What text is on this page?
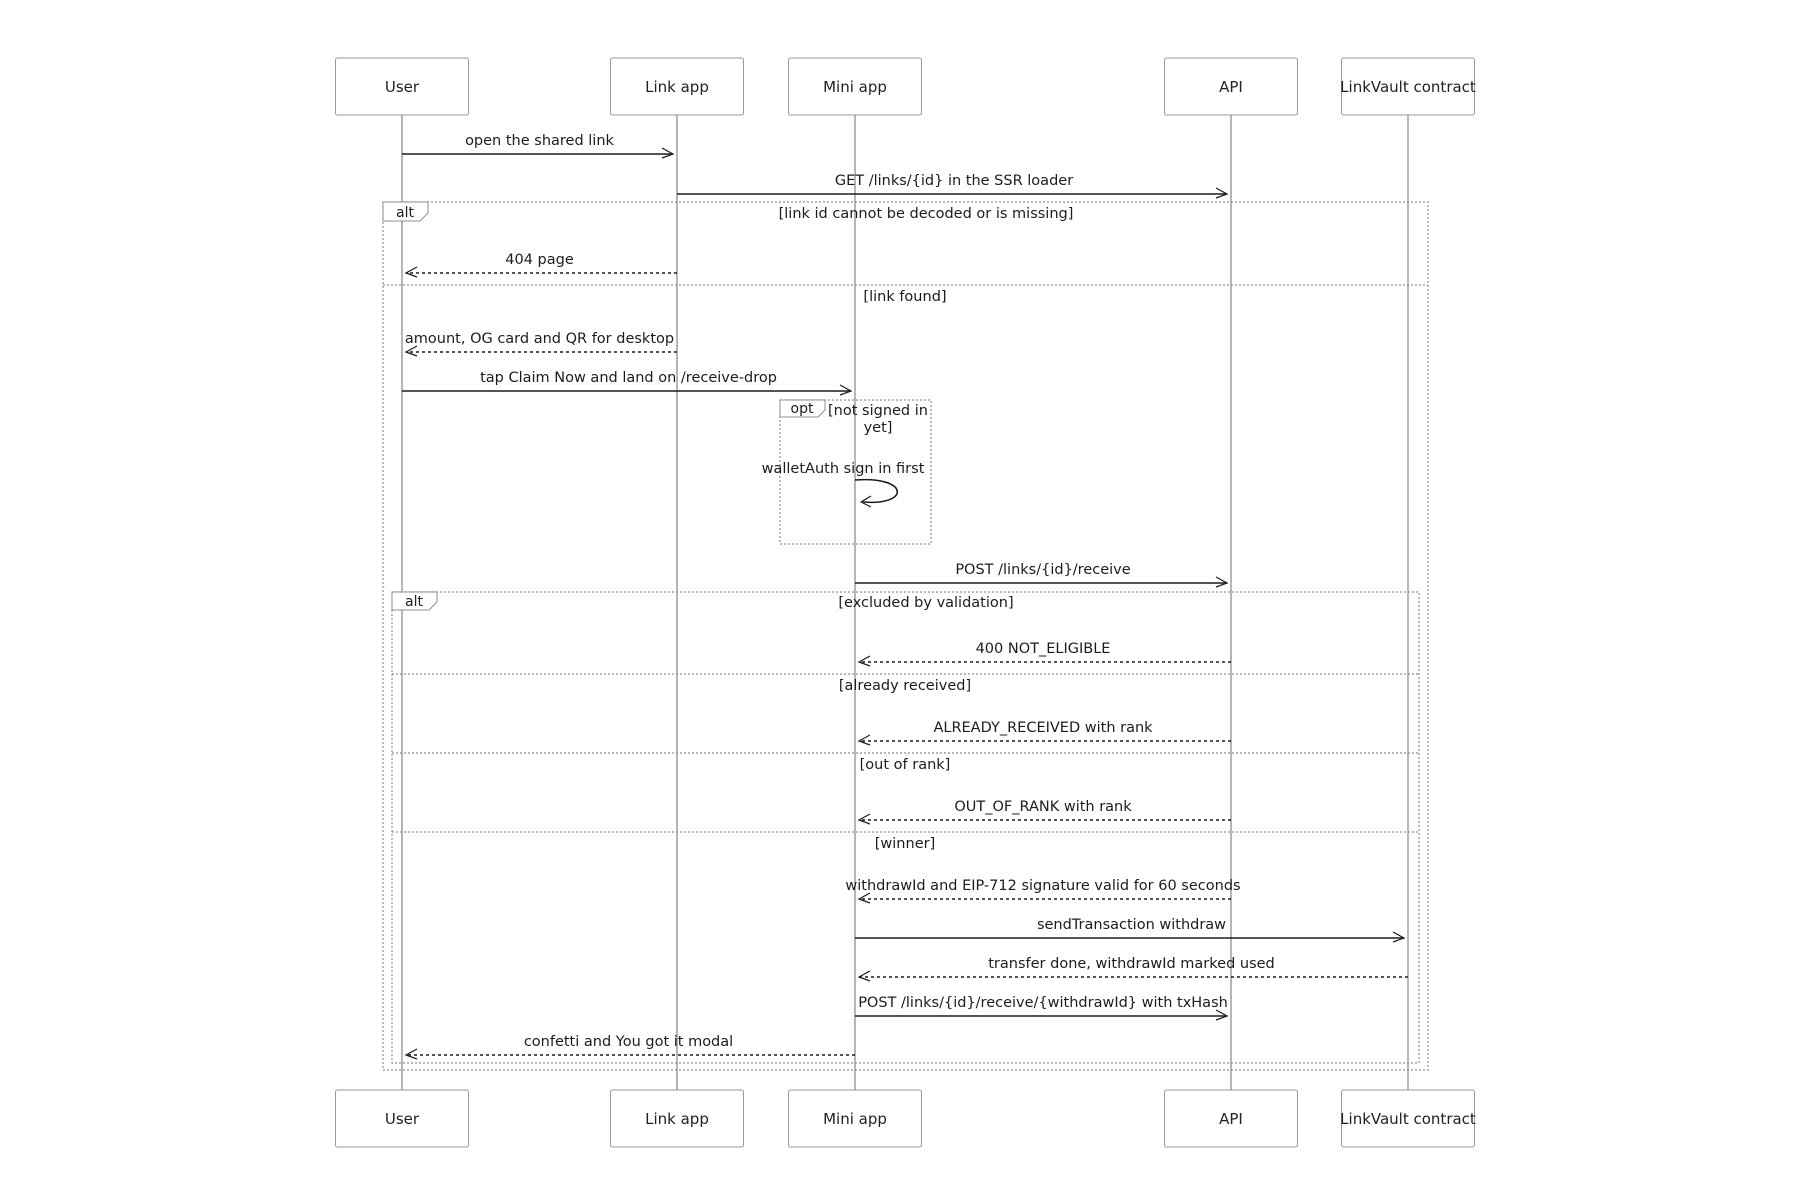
alt	[link id cannot be decoded or is missing]
[link found]
opt [not signed in
yet]
alt	[excluded by validation]
[already received]
[out of rank]
[winner]
open the shared link
GET /links/{id} in the SSR loader
404 page
amount, OG card and QR for desktop
tap Claim Now and land on /receive-drop
walletAuth sign in first
POST /links/{id}/receive
400 NOT_ELIGIBLE
ALREADY_RECEIVED with rank
OUT_OF_RANK with rank
withdrawId and EIP-712 signature valid for 60 seconds
sendTransaction withdraw
transfer done, withdrawId marked used
POST /links/{id}/receive/{withdrawId} with txHash
confetti and You got it modal
User
User
Link app
Link app
Mini app
Mini app
API
API
LinkVault contract
LinkVault contract
